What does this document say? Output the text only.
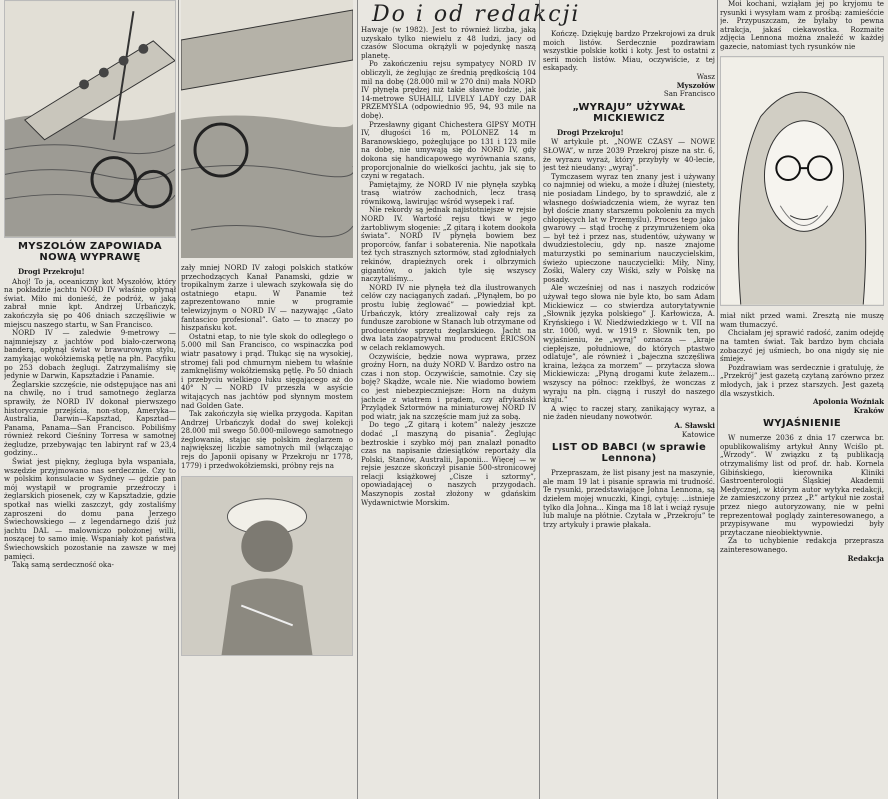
MYSZOLÓW ZAPOWIADA NOWĄ WYPRAWĘ

Drogi Przekroju!

Ahoj! To ja, oceaniczny kot Myszołów, który na pokładzie jachtu NORD IV właśnie opłynął świat. Miło mi donieść, że podróż, w jaką zabrał mnie kpt. Andrzej Urbańczyk, zakończyła się po 406 dniach szczęśliwie w miejscu naszego startu, w San Francisco.

NORD IV — zaledwie 9-metrowy — najmniejszy z jachtów pod biało-czerwoną banderą, opłynął świat w brawurowym stylu, zamykając wokółziemską pętlę na płn. Pacyfiku po 253 dobach żeglugi. Zatrzymaliśmy się jedynie w Darwin, Kapsztadzie i Panamie.

Żeglarskie szczęście, nie odstępujące nas ani na chwilę, no i trud samotnego żeglarza sprawiły, że NORD IV dokonał pierwszego historycznie przejścia, non-stop, Ameryka—Australia, Darwin—Kapsztad, Kapsztad—Panama, Panama—San Francisco. Pobiliśmy również rekord Cieśniny Torresa w samotnej żegludze, przebywając ten labirynt raf w 23,4 godziny...

Świat jest piękny, żegluga była wspaniała, wszędzie przyjmowano nas serdecznie. Czy to w polskim konsulacie w Sydney — gdzie pan mój wystąpił w programie przeźroczy i żeglarskich piosenek, czy w Kapsztadzie, gdzie spotkał nas wielki zaszczyt, gdy zostaliśmy zaproszeni do domu pana Jerzego Świechowskiego — z legendarnego dziś już jachtu DAL — malowniczo położonej willi, noszącej to samo imię. Wspaniały kot państwa Świechowskich pozostanie na zawsze w mej pamięci.

Taką samą serdeczność oka-

zały mniej NORD IV załogi polskich statków przechodzących Kanał Panamski, gdzie w tropikalnym żarze i ulewach szykowała się do ostatniego etapu. W Panamie też zaprezentowano mnie w programie telewizyjnym o NORD IV — nazywając „Gato fantascico profesional”. Gato — to znaczy po hiszpańsku kot.

Ostatni etap, to nie tyle skok do odległego o 5.000 mil San Francisco, co wspinaczka pod wiatr pasatowy i prąd. Tłukąc się na wysokiej, stromej fali pod chmurnym niebem tu właśnie zamknęliśmy wokółziemską pętlę. Po 50 dniach i przebyciu wielkiego łuku sięgającego aż do 40° N — NORD IV przeszła w asyście witających nas jachtów pod słynnym mostem nad Golden Gate.

Tak zakończyła się wielka przygoda. Kapitan Andrzej Urbańczyk dodał do swej kolekcji 28.000 mil swego 50.000-milowego samotnego żeglowania, stając się polskim żeglarzem o największej liczbie samotnych mil (włączając rejs do Japonii opisany w Przekroju nr 1778, 1779) i przedwokółziemski, próbny rejs na

Hawaje (w 1982). Jest to również liczba, jaką uzyskało tylko niewielu z 48 ludzi, jacy od czasów Slocuma okrążyli w pojedynkę naszą planetę.

Po zakończeniu rejsu sympatycy NORD IV obliczyli, że żeglując ze średnią prędkością 104 mil na dobę (28.000 mil w 270 dni) mała NORD IV płynęła prędzej niż takie sławne łodzie, jak 14-metrowe SUHAILI, LIVELY LADY czy DAR PRZEMYŚLA (odpowiednio 95, 94, 93 mile na dobę).

Przesławny gigant Chichestera GIPSY MOTH IV, długości 16 m, POLONEZ 14 m Baranowskiego, pożeglujące po 131 i 123 mile na dobę, nie umywają się do NORD IV, gdy dokona się handicapowego wyrównania szans, proporcjonalnie do wielkości jachtu, jak się to czyni w regatach.

Pamiętajmy, że NORD IV nie płynęła szybką trasą wiatrów zachodnich, lecz trasą równikową, lawirując wśród wysepek i raf.

Nie rekordy są jednak najistotniejsze w rejsie NORD IV. Wartość rejsu tkwi w jego żartobliwym słogenie: „Z gitarą i kotem dookoła świata”. NORD IV płynęła bowiem bez proporców, fanfar i sobaterenia. Nie napotkała też tych strasznych sztormów, stad zgłodniałych rekinów, drapieżnych orek i olbrzymich gigantów, o jakich tyle się wszyscy naczytaliśmy...

NORD IV nie płynęła też dla ilustrowanych celów czy naciąganych zadań. „Płynąłem, bo po prostu lubię żeglować” — powiedział kpt. Urbańczyk, który zrealizował cały rejs za fundusze zarobione w Stanach lub otrzymane od producentów sprzętu żeglarskiego. Jacht na dwa lata zaopatrywał mu producent ERICSON w celach reklamowych.

Oczywiście, będzie nowa wyprawa, przez groźny Horn, na duży NORD V. Bardzo ostro na czas i non stop. Oczywiście, samotnie. Czy się boję? Skądże, wcale nie. Nie wiadomo bowiem co jest niebezpieczniejsze: Horn na dużym jachcie z wiatrem i prądem, czy afrykański Przylądek Sztormów na miniaturowej NORD IV pod wiatr, jak na szczęście mam już za sobą.

Do tego „Z gitarą i kotem” należy jeszcze dodać „I maszyną do pisania”. Żeglując beztroskie i szybko mój pan znalazł ponadto czas na napisanie dziesiątków reportaży dla Polski, Stanów, Australii, Japonii... Więcej — w rejsie jeszcze skończył pisanie 500-stronicowej relacji książkowej „Cisze i sztormy”, opowiadającej o naszych przygodach. Maszynopis został złożony w gdańskim Wydawnictwie Morskim.

Do i od redakcji

Kończę. Dziękuję bardzo Przekrojowi za druk moich listów. Serdecznie pozdrawiam wszystkie polskie kotki i koty. Jest to ostatni z serii moich listów. Miau, oczywiście, z tej eskapady.

Wasz

Myszołów

San Francisco

„WYRAJU” UŻYWAŁ MICKIEWICZ

Drogi Przekroju!

W artykule pt. „NOWE CZASY — NOWE SŁOWA”, w nrze 2039 Przekroj pisze na str. 6, że wyrazu wyraż, który przybyły w 40-lecie, jest też nieudany: „wyraj”.

Tymczasem wyraz ten znany jest i używany co najmniej od wieku, a może i dłużej (niestety, nie posiadam Lindego, by to sprawdzić, ale z własnego doświadczenia wiem, że wyraz ten był doście znany starszemu pokoleniu za mych chłopięcych lat w Przemyślu). Proces tego jako gwarowy — stąd trochę z przymrużeniem oka — był też i przez nas, studentów, używany w dwudziestoleciu, gdy np. nasze znajome maturzystki po seminarium nauczycielskim, świeżo upieczone nauczycielki: Miły, Niny, Zośki, Walery czy Wiśki, szły w Polskę na posady.

Ale wcześniej od nas i naszych rodziców używał tego słowa nie byle kto, bo sam Adam Mickiewicz — co stwierdza autorytatywnie „Słownik języka polskiego” J. Karłowicza, A. Kryńskiego i W. Niedźwiedzkiego w t. VII na str. 1000, wyd. w 1919 r. Słownik ten, po wyjaśnieniu, że „wyraj” oznacza — „kraje ciepłejsze, południowe, do których ptastwo odlatuje”, ale również i „bajeczna szczęśliwa kraina, leżąca za morzem” — przytacza słowa Mickiewicza: „Płyną drogami kute żelazem... wszyscy na północ: rzekłbyś, że wonczas z wyraju na płn. ciągną i ruszył do naszego kraju.”

A więc to raczej stary, zanikający wyraz, a nie żaden nieudany nowotwór.

A. Sławski

Katowice

LIST OD BABCI (w sprawie Lennona)

Przepraszam, że list pisany jest na maszynie, ale mam 19 lat i pisanie sprawia mi trudność. Te rysunki, przedstawiające Johna Lennona, są dziełem mojej wnuczki, Kingi, cytuję: ...istnieje tylko dla Johna... Kinga ma 18 lat i wciąż rysuje lub maluje na płótnie. Czytała w „Przekroju” te trzy artykuły i prawie płakała.

Moi kochani, wziąłam jej po kryjomu te rysunki i wysyłam wam z prośbą: zamieśćcie je. Przypuszczam, że byłaby to pewna atrakcja, jakaś ciekawostka. Rozmaite zdjęcia Lennona można znaleźć w każdej gazecie, natomiast tych rysunków nie

miał nikt przed wami. Zresztą nie muszę wam tłumaczyć.

Chciałam jej sprawić radość, zanim odejdę na tamten świat. Tak bardzo bym chciała zobaczyć jej uśmiech, bo ona nigdy się nie śmieje.

Pozdrawiam was serdecznie i gratuluję, że „Przekrój” jest gazetą czytaną zarówno przez młodych, jak i przez starszych. Jest gazetą dla wszystkich.

Apolonia Woźniak

Kraków

WYJAŚNIENIE

W numerze 2036 z dnia 17 czerwca br. opublikowaliśmy artykuł Anny Wciślo pt. „Wrzody”. W związku z tą publikacją otrzymaliśmy list od prof. dr. hab. Kornela Gibińskiego, kierownika Kliniki Gastroenterologii Śląskiej Akademii Medycznej, w którym autor wytyka redakcji, że zamieszczony przez „P.” artykuł nie został przez niego autoryzowany, nie w pełni reprezentował poglądy zainteresowanego, a przypisywane mu wypowiedzi były przytaczane nieobiektywnie.

Za to uchybienie redakcja przeprasza zainteresowanego.

Redakcja
